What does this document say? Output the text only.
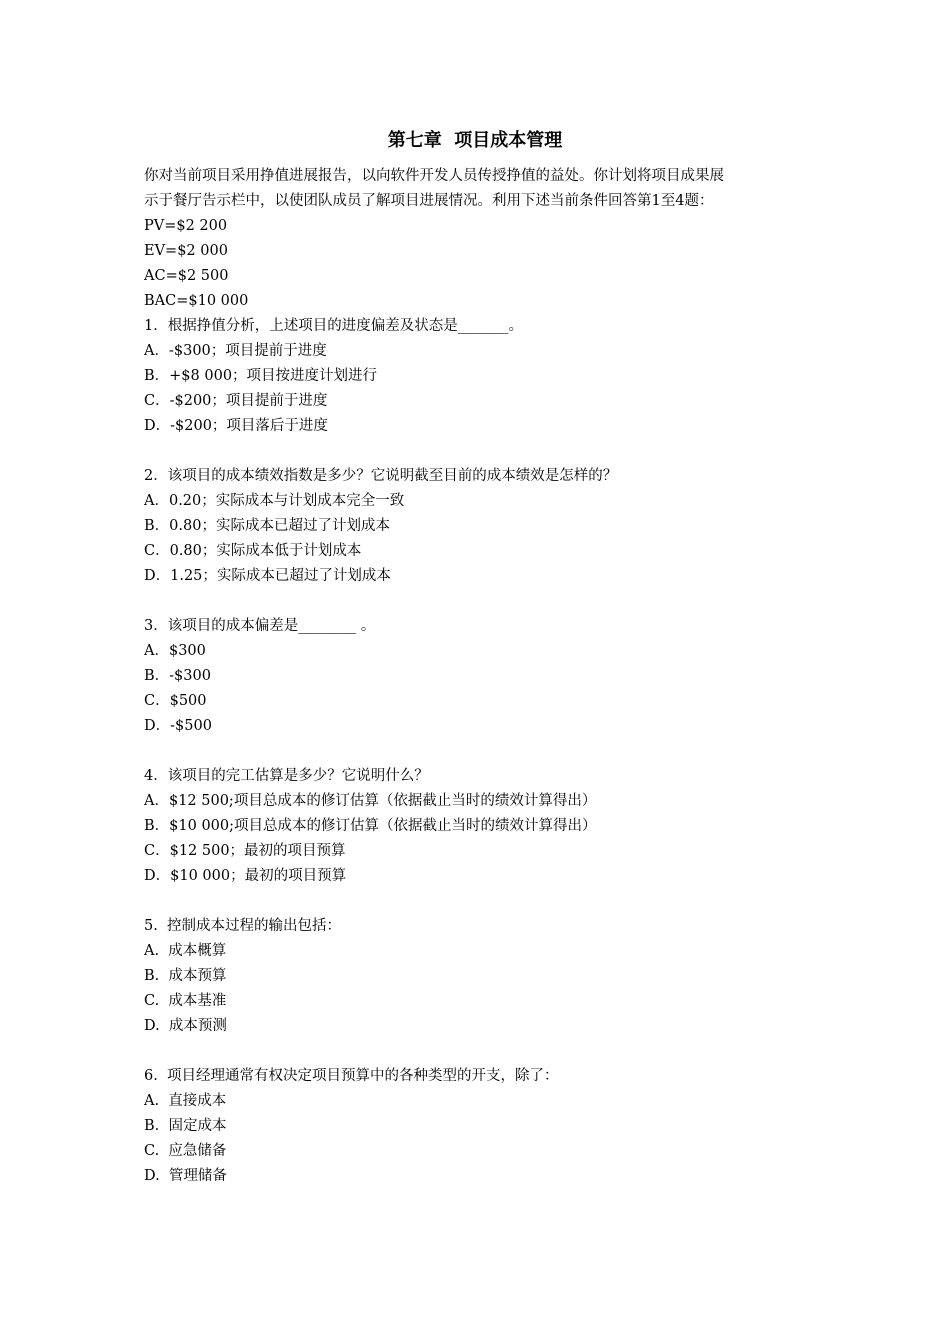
第七章  项目成本管理
你对当前项目采用挣值进展报告，以向软件开发人员传授挣值的益处。你计划将项目成果展
示于餐厅告示栏中，以使团队成员了解项目进展情况。利用下述当前条件回答第1至4题：
PV=$2 200
EV=$2 000
AC=$2 500
BAC=$10 000
1．根据挣值分析，上述项目的进度偏差及状态是_______。
A．-$300；项目提前于进度
B．+$8 000；项目按进度计划进行
C．-$200；项目提前于进度
D．-$200；项目落后于进度
2．该项目的成本绩效指数是多少？它说明截至目前的成本绩效是怎样的？
A．0.20；实际成本与计划成本完全一致
B．0.80；实际成本已超过了计划成本
C．0.80；实际成本低于计划成本
D．1.25；实际成本已超过了计划成本
3．该项目的成本偏差是________ 。
A．$300
B．-$300
C．$500
D．-$500
4．该项目的完工估算是多少？它说明什么？
A．$12 500;项目总成本的修订估算（依据截止当时的绩效计算得出）
B．$10 000;项目总成本的修订估算（依据截止当时的绩效计算得出）
C．$12 500；最初的项目预算
D．$10 000；最初的项目预算
5.  控制成本过程的输出包括：
A.  成本概算
B.  成本预算
C.  成本基准
D.  成本预测
6.  项目经理通常有权决定项目预算中的各种类型的开支，除了：
A.  直接成本
B.  固定成本
C.  应急储备
D.  管理储备
